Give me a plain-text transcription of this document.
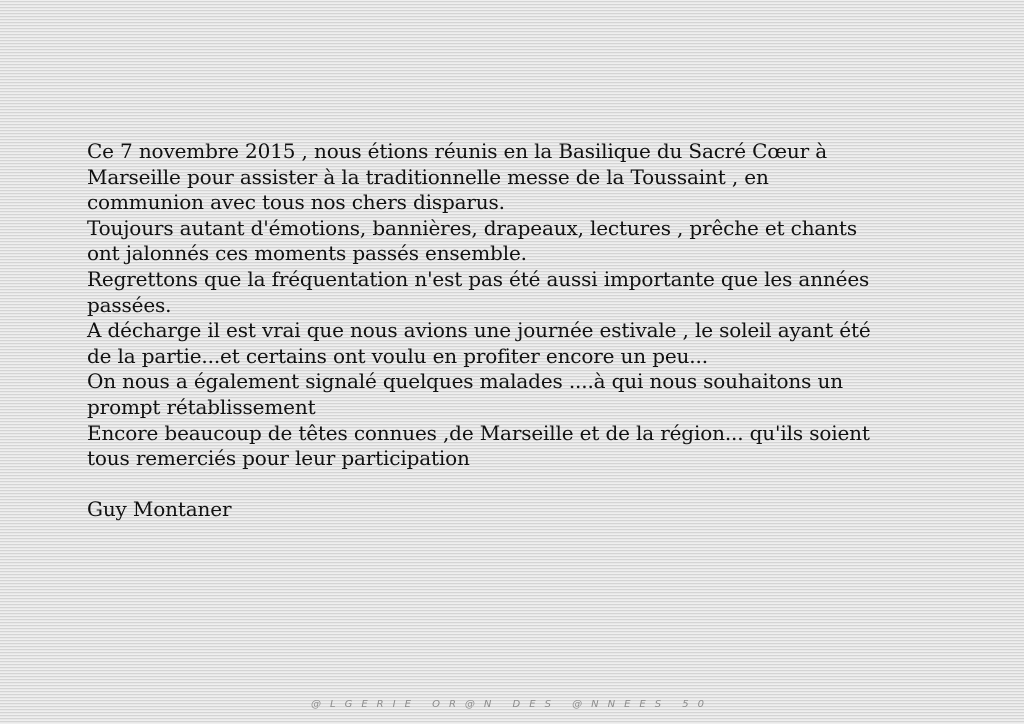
Ce 7 novembre 2015 , nous étions réunis en la Basilique du Sacré Cœur à
Marseille pour assister à la traditionnelle messe de la Toussaint , en
communion avec tous nos chers disparus.

Toujours autant d'émotions, bannières, drapeaux, lectures , prêche et chants
ont jalonnés ces moments passés ensemble.

Regrettons que la fréquentation n'est pas été aussi importante que les années
passées.

A décharge il est vrai que nous avions une journée estivale , le soleil ayant été
de la partie...et certains ont voulu en profiter encore un peu...

On nous a également signalé quelques malades ....à qui nous souhaitons un
prompt rétablissement

Encore beaucoup de têtes connues ,de Marseille et de la région... qu'ils soient
tous remerciés pour leur participation

Guy Montaner

@LGERIE OR@N DES @NNEES 50
